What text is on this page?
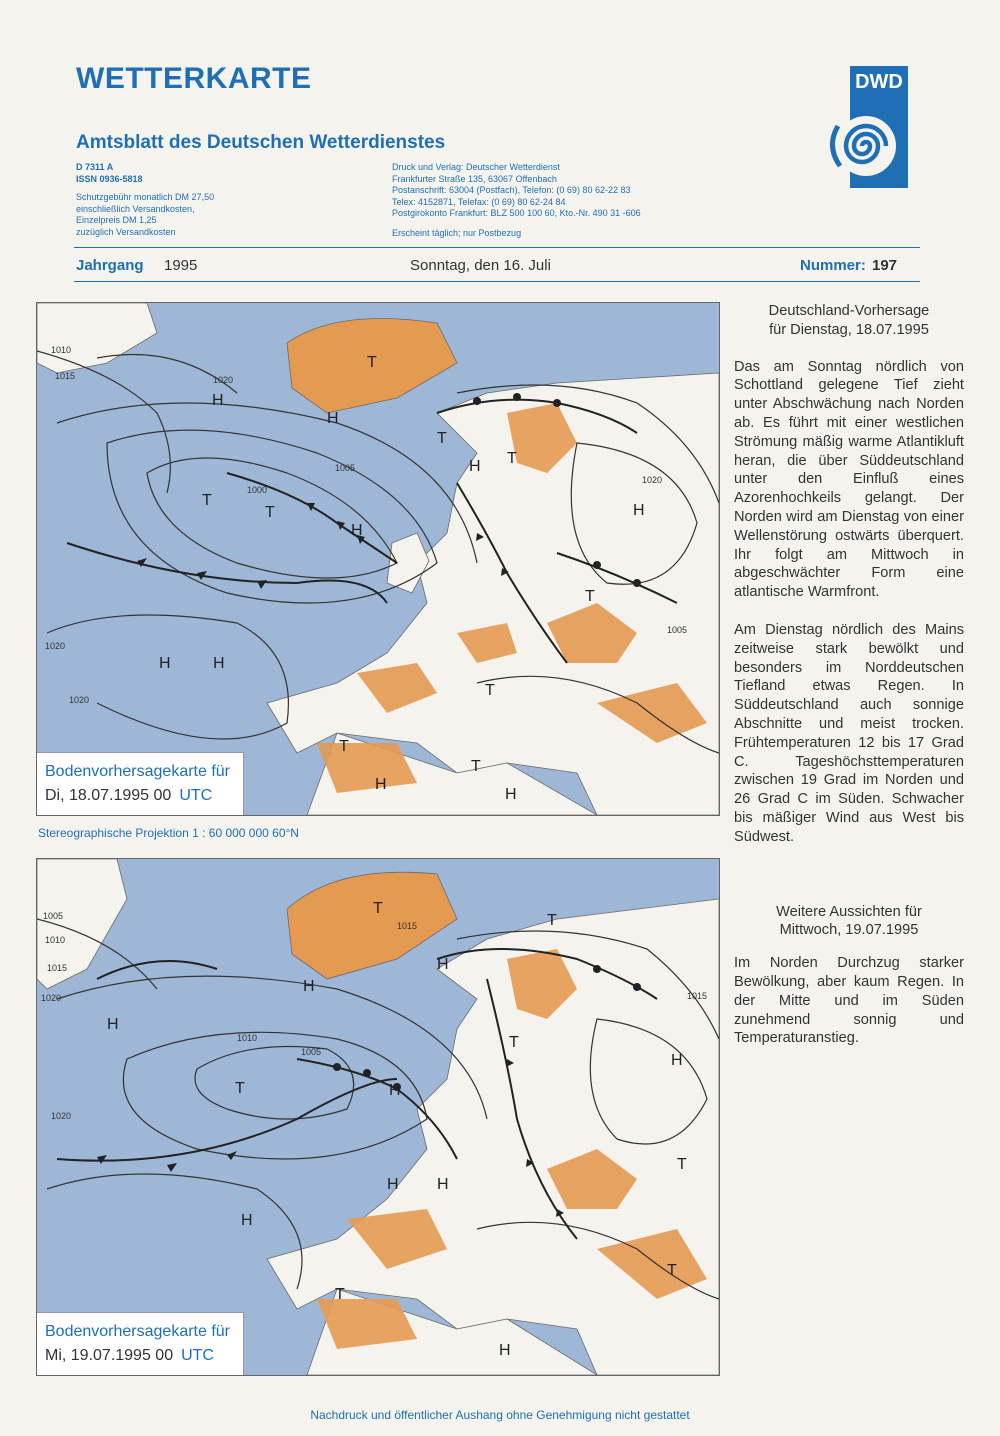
WETTERKARTE
Amtsblatt des Deutschen Wetterdienstes
DWD
D 7311 A
ISSN 0936-5818
Schutzgebühr monatlich DM 27,50
einschließlich Versandkosten,
Einzelpreis DM 1,25
zuzüglich Versandkosten
Druck und Verlag: Deutscher Wetterdienst
Frankfurter Straße 135, 63067 Offenbach
Postanschrift: 63004 (Postfach), Telefon: (0 69) 80 62-22 83
Telex: 4152871, Telefax: (0 69) 80 62-24 84
Postgirokonto Frankfurt: BLZ 500 100 60, Kto.-Nr. 490 31 -606
Erscheint täglich; nur Postbezug
Jahrgang 1995	Sonntag, den 16. Juli	Nummer: 197
H
H
T
T
T
H
H
T
T
H	H
T
T
H
T
H
H
T
1010
1015	1020
1000
1005
1020
1020
1020
1005
Bodenvorhersagekarte für
Di, 18.07.1995 00 UTC
Stereographische Projektion 1 : 60 000 000 60°N
H
H
T
T
H
H
H
T
T
H H
T
H
H
T
T
1005
1010
1015
1020
1010
1005
1020
1015
1015
Bodenvorhersagekarte für
Mi, 19.07.1995 00 UTC
Deutschland-Vorhersage
für Dienstag, 18.07.1995

Das am Sonntag nördlich von Schottland gelegene Tief zieht unter Abschwächung nach Norden ab. Es führt mit einer westlichen Strömung mäßig warme Atlantikluft heran, die über Süddeutschland unter den Einfluß eines Azorenhochkeils gelangt. Der Norden wird am Dienstag von einer Wellenstörung ostwärts überquert. Ihr folgt am Mittwoch in abgeschwächter Form eine atlantische Warmfront.

Am Dienstag nördlich des Mains zeitweise stark bewölkt und besonders im Norddeutschen Tiefland etwas Regen. In Süddeutschland auch sonnige Abschnitte und meist trocken. Frühtemperaturen 12 bis 17 Grad C. Tageshöchsttemperaturen zwischen 19 Grad im Norden und 26 Grad C im Süden. Schwacher bis mäßiger Wind aus West bis Südwest.

Weitere Aussichten für
Mittwoch, 19.07.1995

Im Norden Durchzug starker Bewölkung, aber kaum Regen. In der Mitte und im Süden zunehmend sonnig und Temperaturanstieg.

Nachdruck und öffentlicher Aushang ohne Genehmigung nicht gestattet
